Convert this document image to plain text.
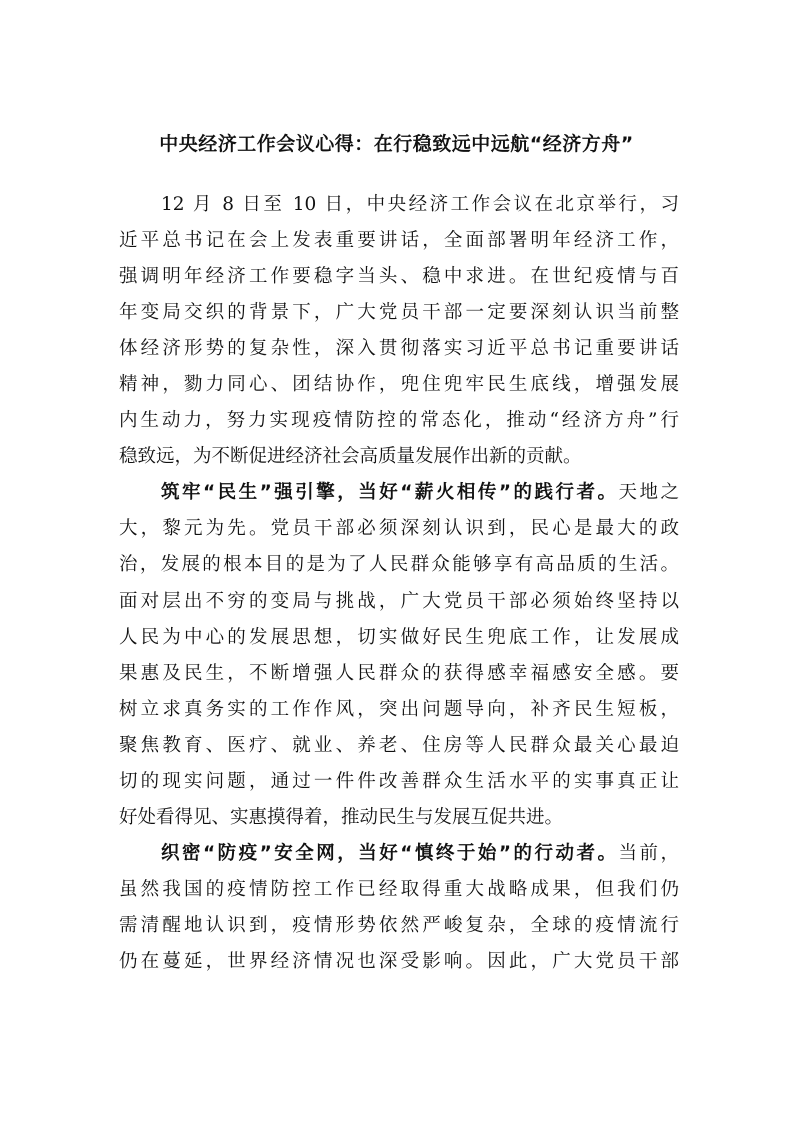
中央经济工作会议心得：在行稳致远中远航“经济方舟”
12 月 8 日至 10 日，中央经济工作会议在北京举行，习
近平总书记在会上发表重要讲话，全面部署明年经济工作，
强调明年经济工作要稳字当头、稳中求进。在世纪疫情与百
年变局交织的背景下，广大党员干部一定要深刻认识当前整
体经济形势的复杂性，深入贯彻落实习近平总书记重要讲话
精神，勠力同心、团结协作，兜住兜牢民生底线，增强发展
内生动力，努力实现疫情防控的常态化，推动“经济方舟”行
稳致远，为不断促进经济社会高质量发展作出新的贡献。
筑牢“民生”强引擎，当好“薪火相传”的践行者。天地之
大，黎元为先。党员干部必须深刻认识到，民心是最大的政
治，发展的根本目的是为了人民群众能够享有高品质的生活。
面对层出不穷的变局与挑战，广大党员干部必须始终坚持以
人民为中心的发展思想，切实做好民生兜底工作，让发展成
果惠及民生，不断增强人民群众的获得感幸福感安全感。要
树立求真务实的工作作风，突出问题导向，补齐民生短板，
聚焦教育、医疗、就业、养老、住房等人民群众最关心最迫
切的现实问题，通过一件件改善群众生活水平的实事真正让
好处看得见、实惠摸得着，推动民生与发展互促共进。
织密“防疫”安全网，当好“慎终于始”的行动者。当前，
虽然我国的疫情防控工作已经取得重大战略成果，但我们仍
需清醒地认识到，疫情形势依然严峻复杂，全球的疫情流行
仍在蔓延，世界经济情况也深受影响。因此，广大党员干部
